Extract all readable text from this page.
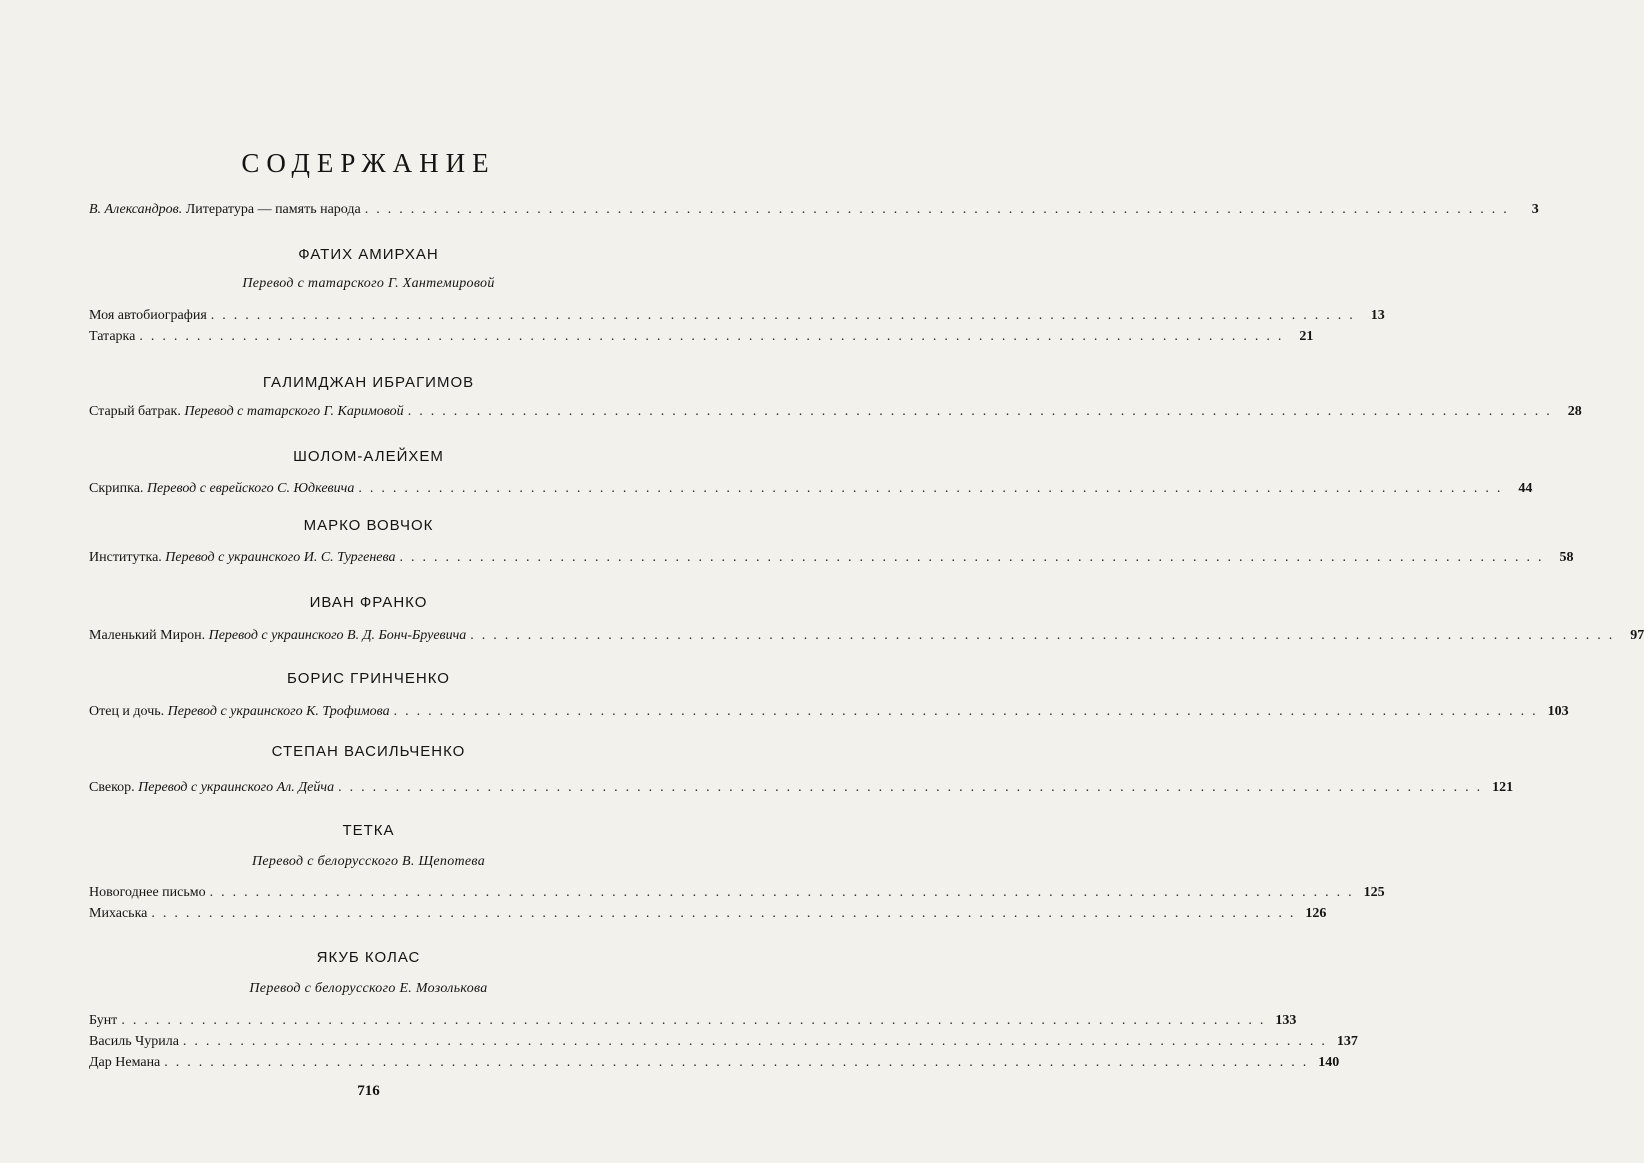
СОДЕРЖАНИЕ
В. Александров. Литература — память народа ....................................................................................................	3
ФАТИХ АМИРХАН
Перевод с татарского Г. Хантемировой
Моя автобиография .................................................................................................... 13
Татарка .................................................................................................... 21
ГАЛИМДЖАН ИБРАГИМОВ
Старый батрак. Перевод с татарского Г. Каримовой .................................................................................................... 28
ШОЛОМ-АЛЕЙХЕМ
Скрипка. Перевод с еврейского С. Юдкевича .................................................................................................... 44
МАРКО ВОВЧОК
Институтка. Перевод с украинского И. С. Тургенева .................................................................................................... 58
ИВАН ФРАНКО
Маленький Мирон. Перевод с украинского В. Д. Бонч-Бруевича .................................................................................................... 97
БОРИС ГРИНЧЕНКО
Отец и дочь. Перевод с украинского К. Трофимова .................................................................................................... 103
СТЕПАН ВАСИЛЬЧЕНКО
Свекор. Перевод с украинского Ал. Дейча .................................................................................................... 121
ТЕТКА
Перевод с белорусского В. Щепотева
Новогоднее письмо .................................................................................................... 125
Михаська .................................................................................................... 126
ЯКУБ КОЛАС
Перевод с белорусского Е. Мозолькова
Бунт .................................................................................................... 133
Василь Чурила .................................................................................................... 137
Дар Немана .................................................................................................... 140
716
